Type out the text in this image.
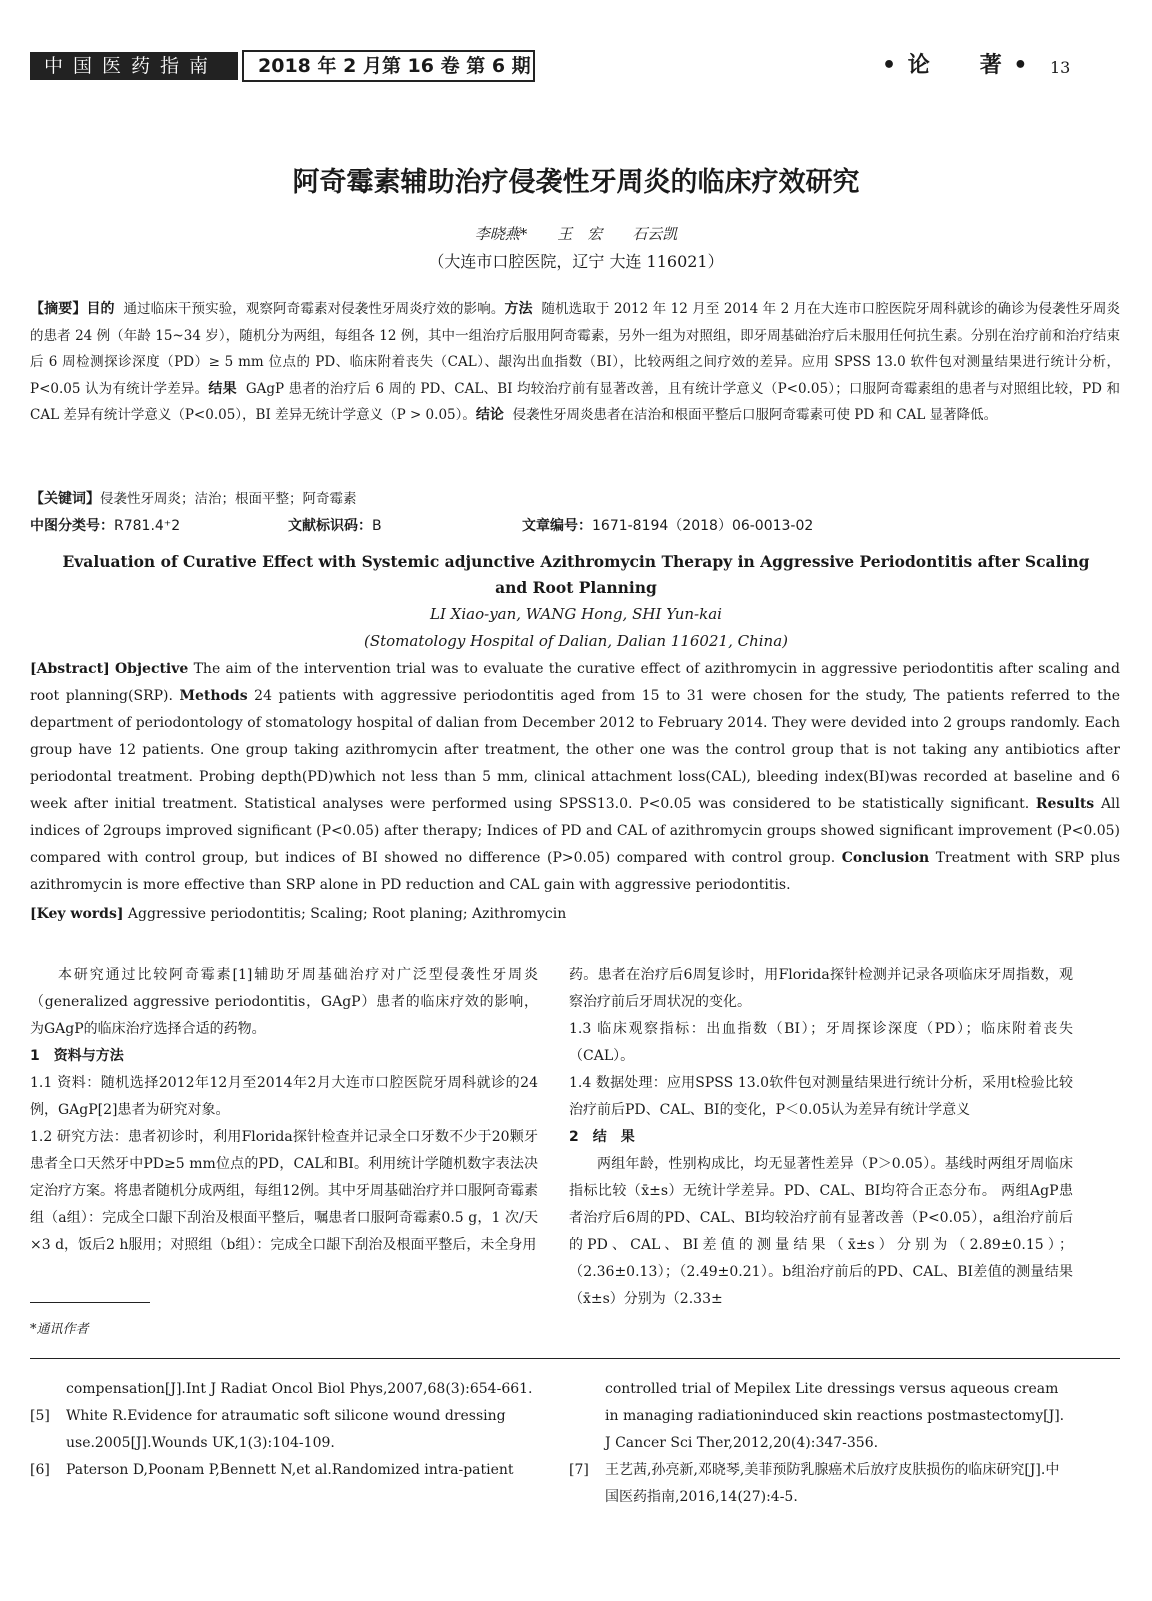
中国医药指南	2018 年 2 月第 16 卷 第 6 期	• 论　　著 • 13
阿奇霉素辅助治疗侵袭性牙周炎的临床疗效研究
李晓燕*　　王　宏　　石云凯
（大连市口腔医院，辽宁 大连 116021）
【摘要】目的 通过临床干预实验，观察阿奇霉素对侵袭性牙周炎疗效的影响。方法 随机选取于 2012 年 12 月至 2014 年 2 月在大连市口腔医院牙周科就诊的确诊为侵袭性牙周炎的患者 24 例（年龄 15~34 岁），随机分为两组，每组各 12 例，其中一组治疗后服用阿奇霉素，另外一组为对照组，即牙周基础治疗后未服用任何抗生素。分别在治疗前和治疗结束后 6 周检测探诊深度（PD）≥ 5 mm 位点的 PD、临床附着丧失（CAL）、龈沟出血指数（BI），比较两组之间疗效的差异。应用 SPSS 13.0 软件包对测量结果进行统计分析，P<0.05 认为有统计学差异。结果 GAgP 患者的治疗后 6 周的 PD、CAL、BI 均较治疗前有显著改善，且有统计学意义（P<0.05）；口服阿奇霉素组的患者与对照组比较，PD 和 CAL 差异有统计学意义（P<0.05），BI 差异无统计学意义（P > 0.05）。结论 侵袭性牙周炎患者在洁治和根面平整后口服阿奇霉素可使 PD 和 CAL 显著降低。
【关键词】侵袭性牙周炎；洁治；根面平整；阿奇霉素
中图分类号：R781.4⁺2	文献标识码：B	文章编号：1671-8194（2018）06-0013-02
Evaluation of Curative Effect with Systemic adjunctive Azithromycin Therapy in Aggressive Periodontitis after Scaling and Root Planning
LI Xiao-yan, WANG Hong, SHI Yun-kai
(Stomatology Hospital of Dalian, Dalian 116021, China)
[Abstract] Objective The aim of the intervention trial was to evaluate the curative effect of azithromycin in aggressive periodontitis after scaling and root planning(SRP). Methods 24 patients with aggressive periodontitis aged from 15 to 31 were chosen for the study, The patients referred to the department of periodontology of stomatology hospital of dalian from December 2012 to February 2014. They were devided into 2 groups randomly. Each group have 12 patients. One group taking azithromycin after treatment, the other one was the control group that is not taking any antibiotics after periodontal treatment. Probing depth(PD)which not less than 5 mm, clinical attachment loss(CAL), bleeding index(BI)was recorded at baseline and 6 week after initial treatment. Statistical analyses were performed using SPSS13.0. P<0.05 was considered to be statistically significant. Results All indices of 2groups improved significant (P<0.05) after therapy; Indices of PD and CAL of azithromycin groups showed significant improvement (P<0.05) compared with control group, but indices of BI showed no difference (P>0.05) compared with control group. Conclusion Treatment with SRP plus azithromycin is more effective than SRP alone in PD reduction and CAL gain with aggressive periodontitis.
[Key words] Aggressive periodontitis; Scaling; Root planing; Azithromycin

本研究通过比较阿奇霉素[1]辅助牙周基础治疗对广泛型侵袭性牙周炎（generalized aggressive periodontitis，GAgP）患者的临床疗效的影响，为GAgP的临床治疗选择合适的药物。

1　资料与方法

1.1 资料：随机选择2012年12月至2014年2月大连市口腔医院牙周科就诊的24例，GAgP[2]患者为研究对象。

1.2 研究方法：患者初诊时，利用Florida探针检查并记录全口牙数不少于20颗牙患者全口天然牙中PD≥5 mm位点的PD，CAL和BI。利用统计学随机数字表法决定治疗方案。将患者随机分成两组，每组12例。其中牙周基础治疗并口服阿奇霉素组（a组）：完成全口龈下刮治及根面平整后，嘱患者口服阿奇霉素0.5 g，1 次/天×3 d，饭后2 h服用；对照组（b组）：完成全口龈下刮治及根面平整后，未全身用

药。患者在治疗后6周复诊时，用Florida探针检测并记录各项临床牙周指数，观察治疗前后牙周状况的变化。

1.3 临床观察指标：出血指数（BI）；牙周探诊深度（PD）；临床附着丧失（CAL）。

1.4 数据处理：应用SPSS 13.0软件包对测量结果进行统计分析，采用t检验比较治疗前后PD、CAL、BI的变化，P＜0.05认为差异有统计学意义

2　结　果

两组年龄，性别构成比，均无显著性差异（P＞0.05）。基线时两组牙周临床指标比较（x̄±s）无统计学差异。PD、CAL、BI均符合正态分布。 两组AgP患者治疗后6周的PD、CAL、BI均较治疗前有显著改善（P<0.05），a组治疗前后的PD、CAL、BI差值的测量结果（x̄±s）分别为（2.89±0.15）；（2.36±0.13）；（2.49±0.21）。b组治疗前后的PD、CAL、BI差值的测量结果（x̄±s）分别为（2.33±

*通讯作者
compensation[J].Int J Radiat Oncol Biol Phys,2007,68(3):654-661.
[5] White R.Evidence for atraumatic soft silicone wound dressing use.2005[J].Wounds UK,1(3):104-109.
[6] Paterson D,Poonam P,Bennett N,et al.Randomized intra-patient
controlled trial of Mepilex Lite dressings versus aqueous cream in managing radiationinduced skin reactions postmastectomy[J]. J Cancer Sci Ther,2012,20(4):347-356.
[7] 王艺茜,孙亮新,邓晓琴,美菲预防乳腺癌术后放疗皮肤损伤的临床研究[J].中国医药指南,2016,14(27):4-5.
